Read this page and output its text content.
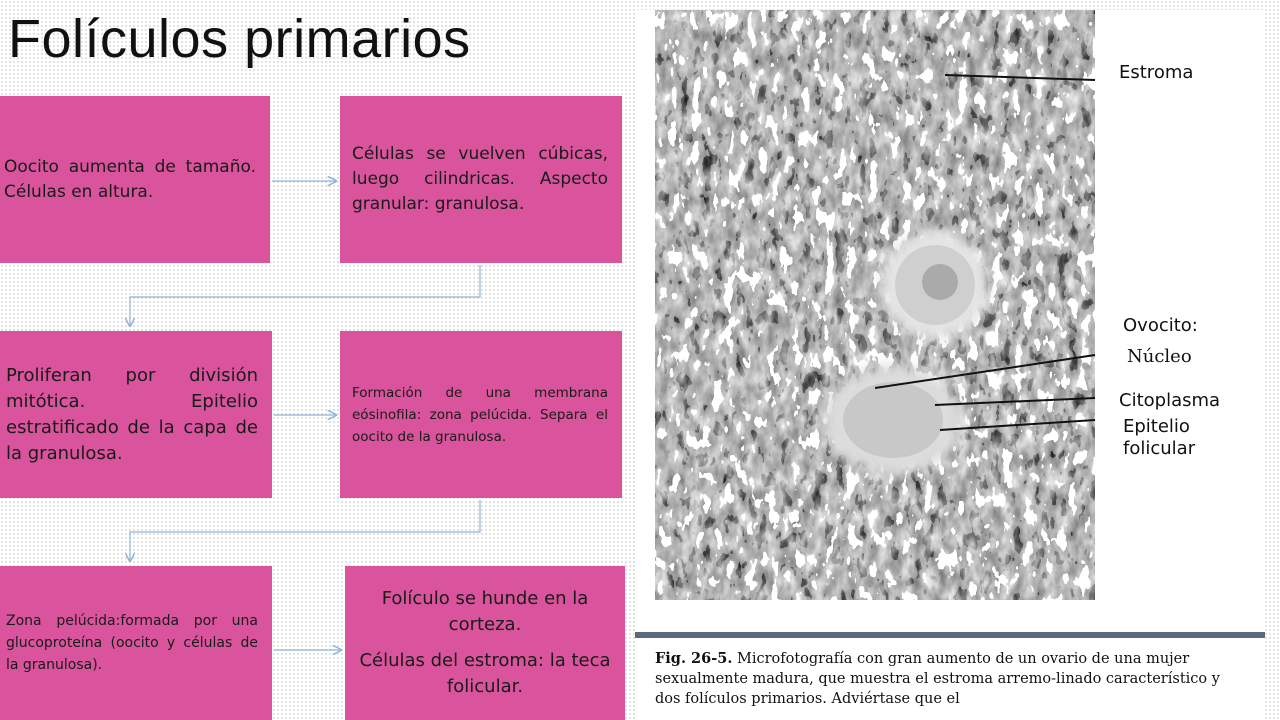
Folículos primarios

Oocito aumenta de tamaño. Células en altura.

Células se vuelven cúbicas, luego cilindricas. Aspecto granular: granulosa.

Proliferan por división mitótica. Epitelio estratificado de la capa de la granulosa.

Formación de una membrana eósinofila: zona pelúcida. Separa el oocito de la granulosa.

Zona pelúcida:formada por una glucoproteína (oocito y células de la granulosa).

Folículo se hunde en la corteza.

Células del estroma: la teca folicular.

Estroma
Ovocito:
Núcleo
Citoplasma
Epitelio
folicular
Fig. 26-5. Microfotografía con gran aumento de un ovario de una mujer sexualmente madura, que muestra el estroma arremo-linado característico y dos folículos primarios. Adviértase que el
